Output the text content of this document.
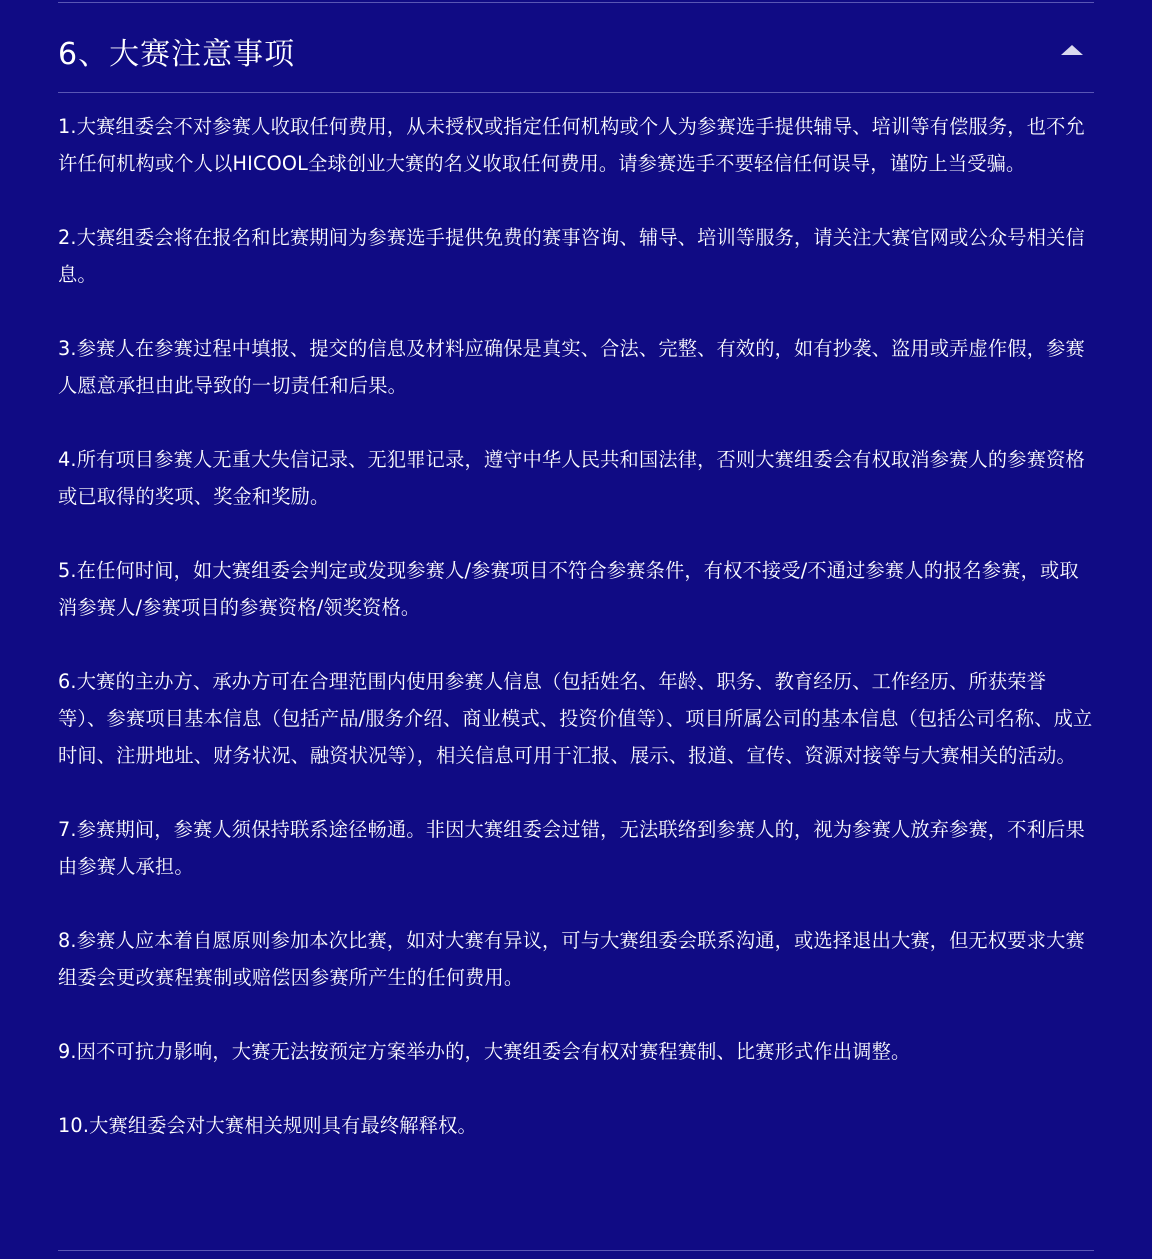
6、大赛注意事项

1.大赛组委会不对参赛人收取任何费用，从未授权或指定任何机构或个人为参赛选手提供辅导、培训等有偿服务，也不允许任何机构或个人以HICOOL全球创业大赛的名义收取任何费用。请参赛选手不要轻信任何误导，谨防上当受骗。

2.大赛组委会将在报名和比赛期间为参赛选手提供免费的赛事咨询、辅导、培训等服务，请关注大赛官网或公众号相关信息。

3.参赛人在参赛过程中填报、提交的信息及材料应确保是真实、合法、完整、有效的，如有抄袭、盗用或弄虚作假，参赛人愿意承担由此导致的一切责任和后果。

4.所有项目参赛人无重大失信记录、无犯罪记录，遵守中华人民共和国法律，否则大赛组委会有权取消参赛人的参赛资格或已取得的奖项、奖金和奖励。

5.在任何时间，如大赛组委会判定或发现参赛人/参赛项目不符合参赛条件，有权不接受/不通过参赛人的报名参赛，或取消参赛人/参赛项目的参赛资格/领奖资格。

6.大赛的主办方、承办方可在合理范围内使用参赛人信息（包括姓名、年龄、职务、教育经历、工作经历、所获荣誉等）、参赛项目基本信息（包括产品/服务介绍、商业模式、投资价值等）、项目所属公司的基本信息（包括公司名称、成立时间、注册地址、财务状况、融资状况等），相关信息可用于汇报、展示、报道、宣传、资源对接等与大赛相关的活动。

7.参赛期间，参赛人须保持联系途径畅通。非因大赛组委会过错，无法联络到参赛人的，视为参赛人放弃参赛，不利后果由参赛人承担。

8.参赛人应本着自愿原则参加本次比赛，如对大赛有异议，可与大赛组委会联系沟通，或选择退出大赛，但无权要求大赛组委会更改赛程赛制或赔偿因参赛所产生的任何费用。

9.因不可抗力影响，大赛无法按预定方案举办的，大赛组委会有权对赛程赛制、比赛形式作出调整。

10.大赛组委会对大赛相关规则具有最终解释权。
